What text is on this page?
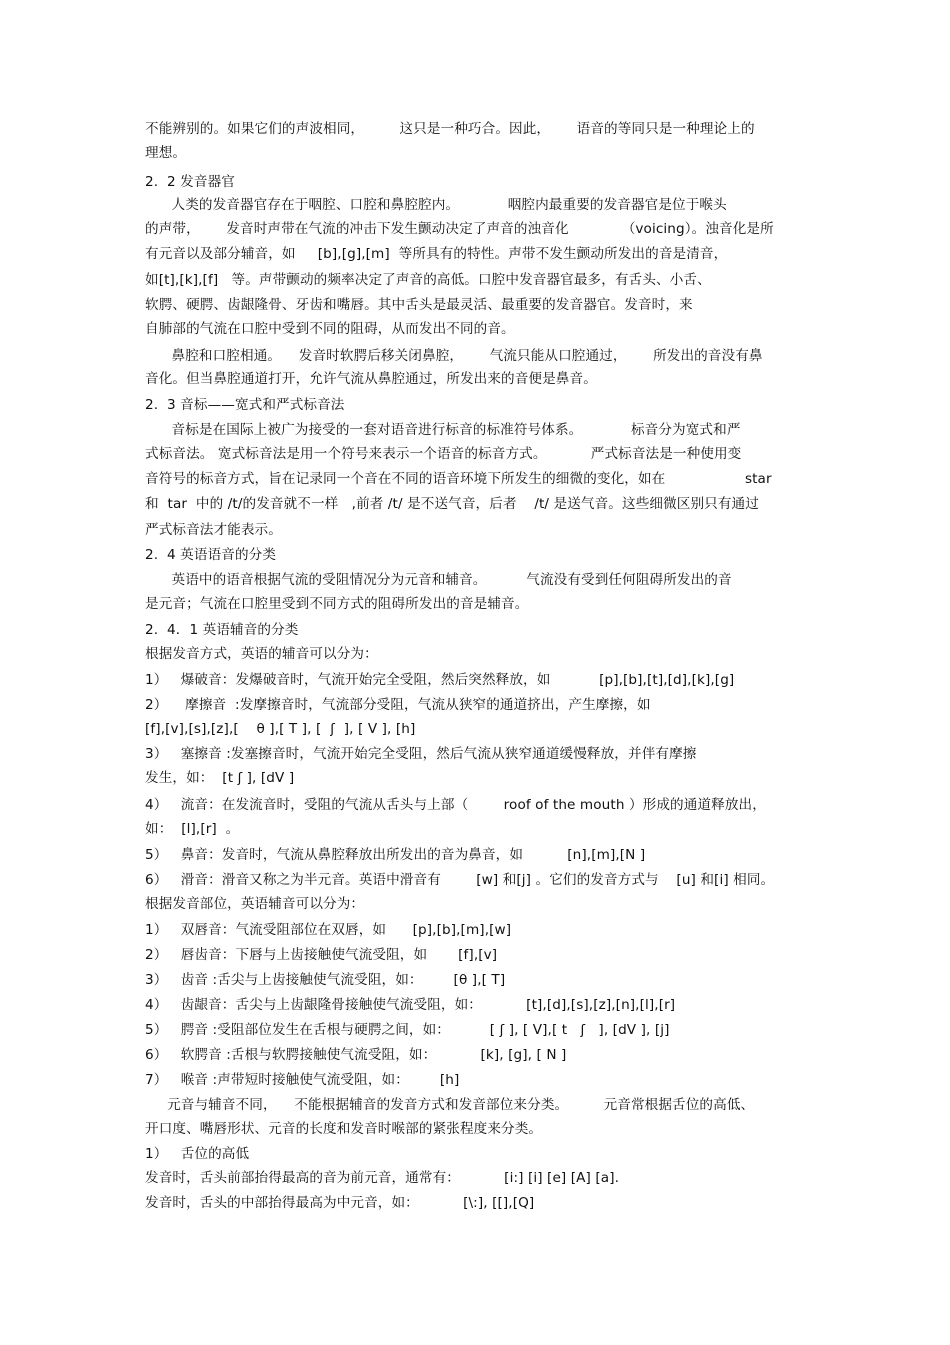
不能辨别的。如果它们的声波相同，        这只是一种巧合。因此，      语音的等同只是一种理论上的
理想。
2.  2 发音器官
人类的发音器官存在于咽腔、口腔和鼻腔腔内。           咽腔内最重要的发音器官是位于喉头
的声带，      发音时声带在气流的冲击下发生颤动决定了声音的浊音化            （voicing）。浊音化是所
有元音以及部分辅音，如     [b],[g],[m]  等所具有的特性。声带不发生颤动所发出的音是清音，
如[t],[k],[f]   等。声带颤动的频率决定了声音的高低。口腔中发音器官最多，有舌头、小舌、
软腭、硬腭、齿龈隆骨、牙齿和嘴唇。其中舌头是最灵活、最重要的发音器官。发音时，来
自肺部的气流在口腔中受到不同的阻碍，从而发出不同的音。
鼻腔和口腔相通。    发音时软腭后移关闭鼻腔，      气流只能从口腔通过，      所发出的音没有鼻
音化。但当鼻腔通道打开，允许气流从鼻腔通过，所发出来的音便是鼻音。
2.  3 音标——宽式和严式标音法
音标是在国际上被广为接受的一套对语音进行标音的标准符号体系。           标音分为宽式和严
式标音法。 宽式标音法是用一个符号来表示一个语音的标音方式。          严式标音法是一种使用变
音符号的标音方式，旨在记录同一个音在不同的语音环境下所发生的细微的变化，如在                  star
和  tar  中的 /t/的发音就不一样   ,前者 /t/ 是不送气音，后者    /t/ 是送气音。这些细微区别只有通过
严式标音法才能表示。
2.  4 英语语音的分类
英语中的语音根据气流的受阻情况分为元音和辅音。         气流没有受到任何阻碍所发出的音
是元音；气流在口腔里受到不同方式的阻碍所发出的音是辅音。
2.  4．1 英语辅音的分类
根据发音方式，英语的辅音可以分为：
1）   爆破音：发爆破音时，气流开始完全受阻，然后突然释放，如           [p],[b],[t],[d],[k],[g]
2）    摩擦音  :发摩擦音时，气流部分受阻，气流从狭窄的通道挤出，产生摩擦，如
[f],[v],[s],[z],[    θ ],[ T ], [  ʃ  ], [ V ], [h]
3）   塞擦音 :发塞擦音时，气流开始完全受阻，然后气流从狭窄通道缓慢释放，并伴有摩擦
发生，如：  [t ʃ ], [dV ]
4）   流音：在发流音时，受阻的气流从舌头与上部（        roof of the mouth ）形成的通道释放出，
如：  [l],[r]  。
5）   鼻音：发音时，气流从鼻腔释放出所发出的音为鼻音，如          [n],[m],[N ]
6）   滑音：滑音又称之为半元音。英语中滑音有        [w] 和[j] 。它们的发音方式与    [u] 和[i] 相同。
根据发音部位，英语辅音可以分为：
1）   双唇音：气流受阻部位在双唇，如      [p],[b],[m],[w]
2）   唇齿音：下唇与上齿接触使气流受阻，如       [f],[v]
3）   齿音 :舌尖与上齿接触使气流受阻，如：       [θ ],[ T]
4）   齿龈音：舌尖与上齿龈隆骨接触使气流受阻，如：          [t],[d],[s],[z],[n],[l],[r]
5）   腭音 :受阻部位发生在舌根与硬腭之间，如：         [ ʃ ], [ V],[ t   ʃ   ], [dV ], [j]
6）   软腭音 :舌根与软腭接触使气流受阻，如：          [k], [g], [ N ]
7）   喉音 :声带短时接触使气流受阻，如：       [h]
元音与辅音不同，    不能根据辅音的发音方式和发音部位来分类。        元音常根据舌位的高低、
开口度、嘴唇形状、元音的长度和发音时喉部的紧张程度来分类。
1）   舌位的高低
发音时，舌头前部抬得最高的音为前元音，通常有：          [i:] [i] [e] [A] [a].
发音时，舌头的中部抬得最高为中元音，如：          [\:], [[],[Q]
